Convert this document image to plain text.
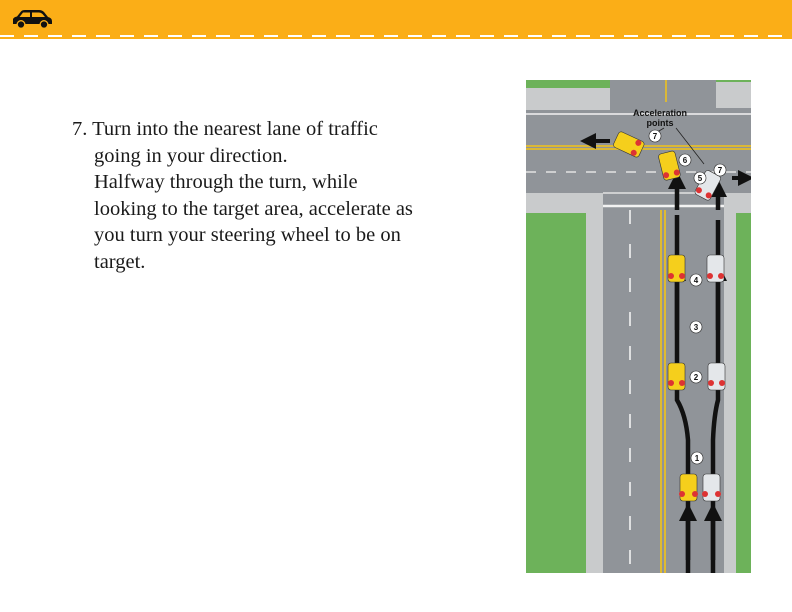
7. Turn into the nearest lane of traffic
going in your direction.
Halfway through the turn, while
looking to the target area, accelerate as
you turn your steering wheel to be on
target.
Acceleration
points
1
2
3
4
5
6
7
7
